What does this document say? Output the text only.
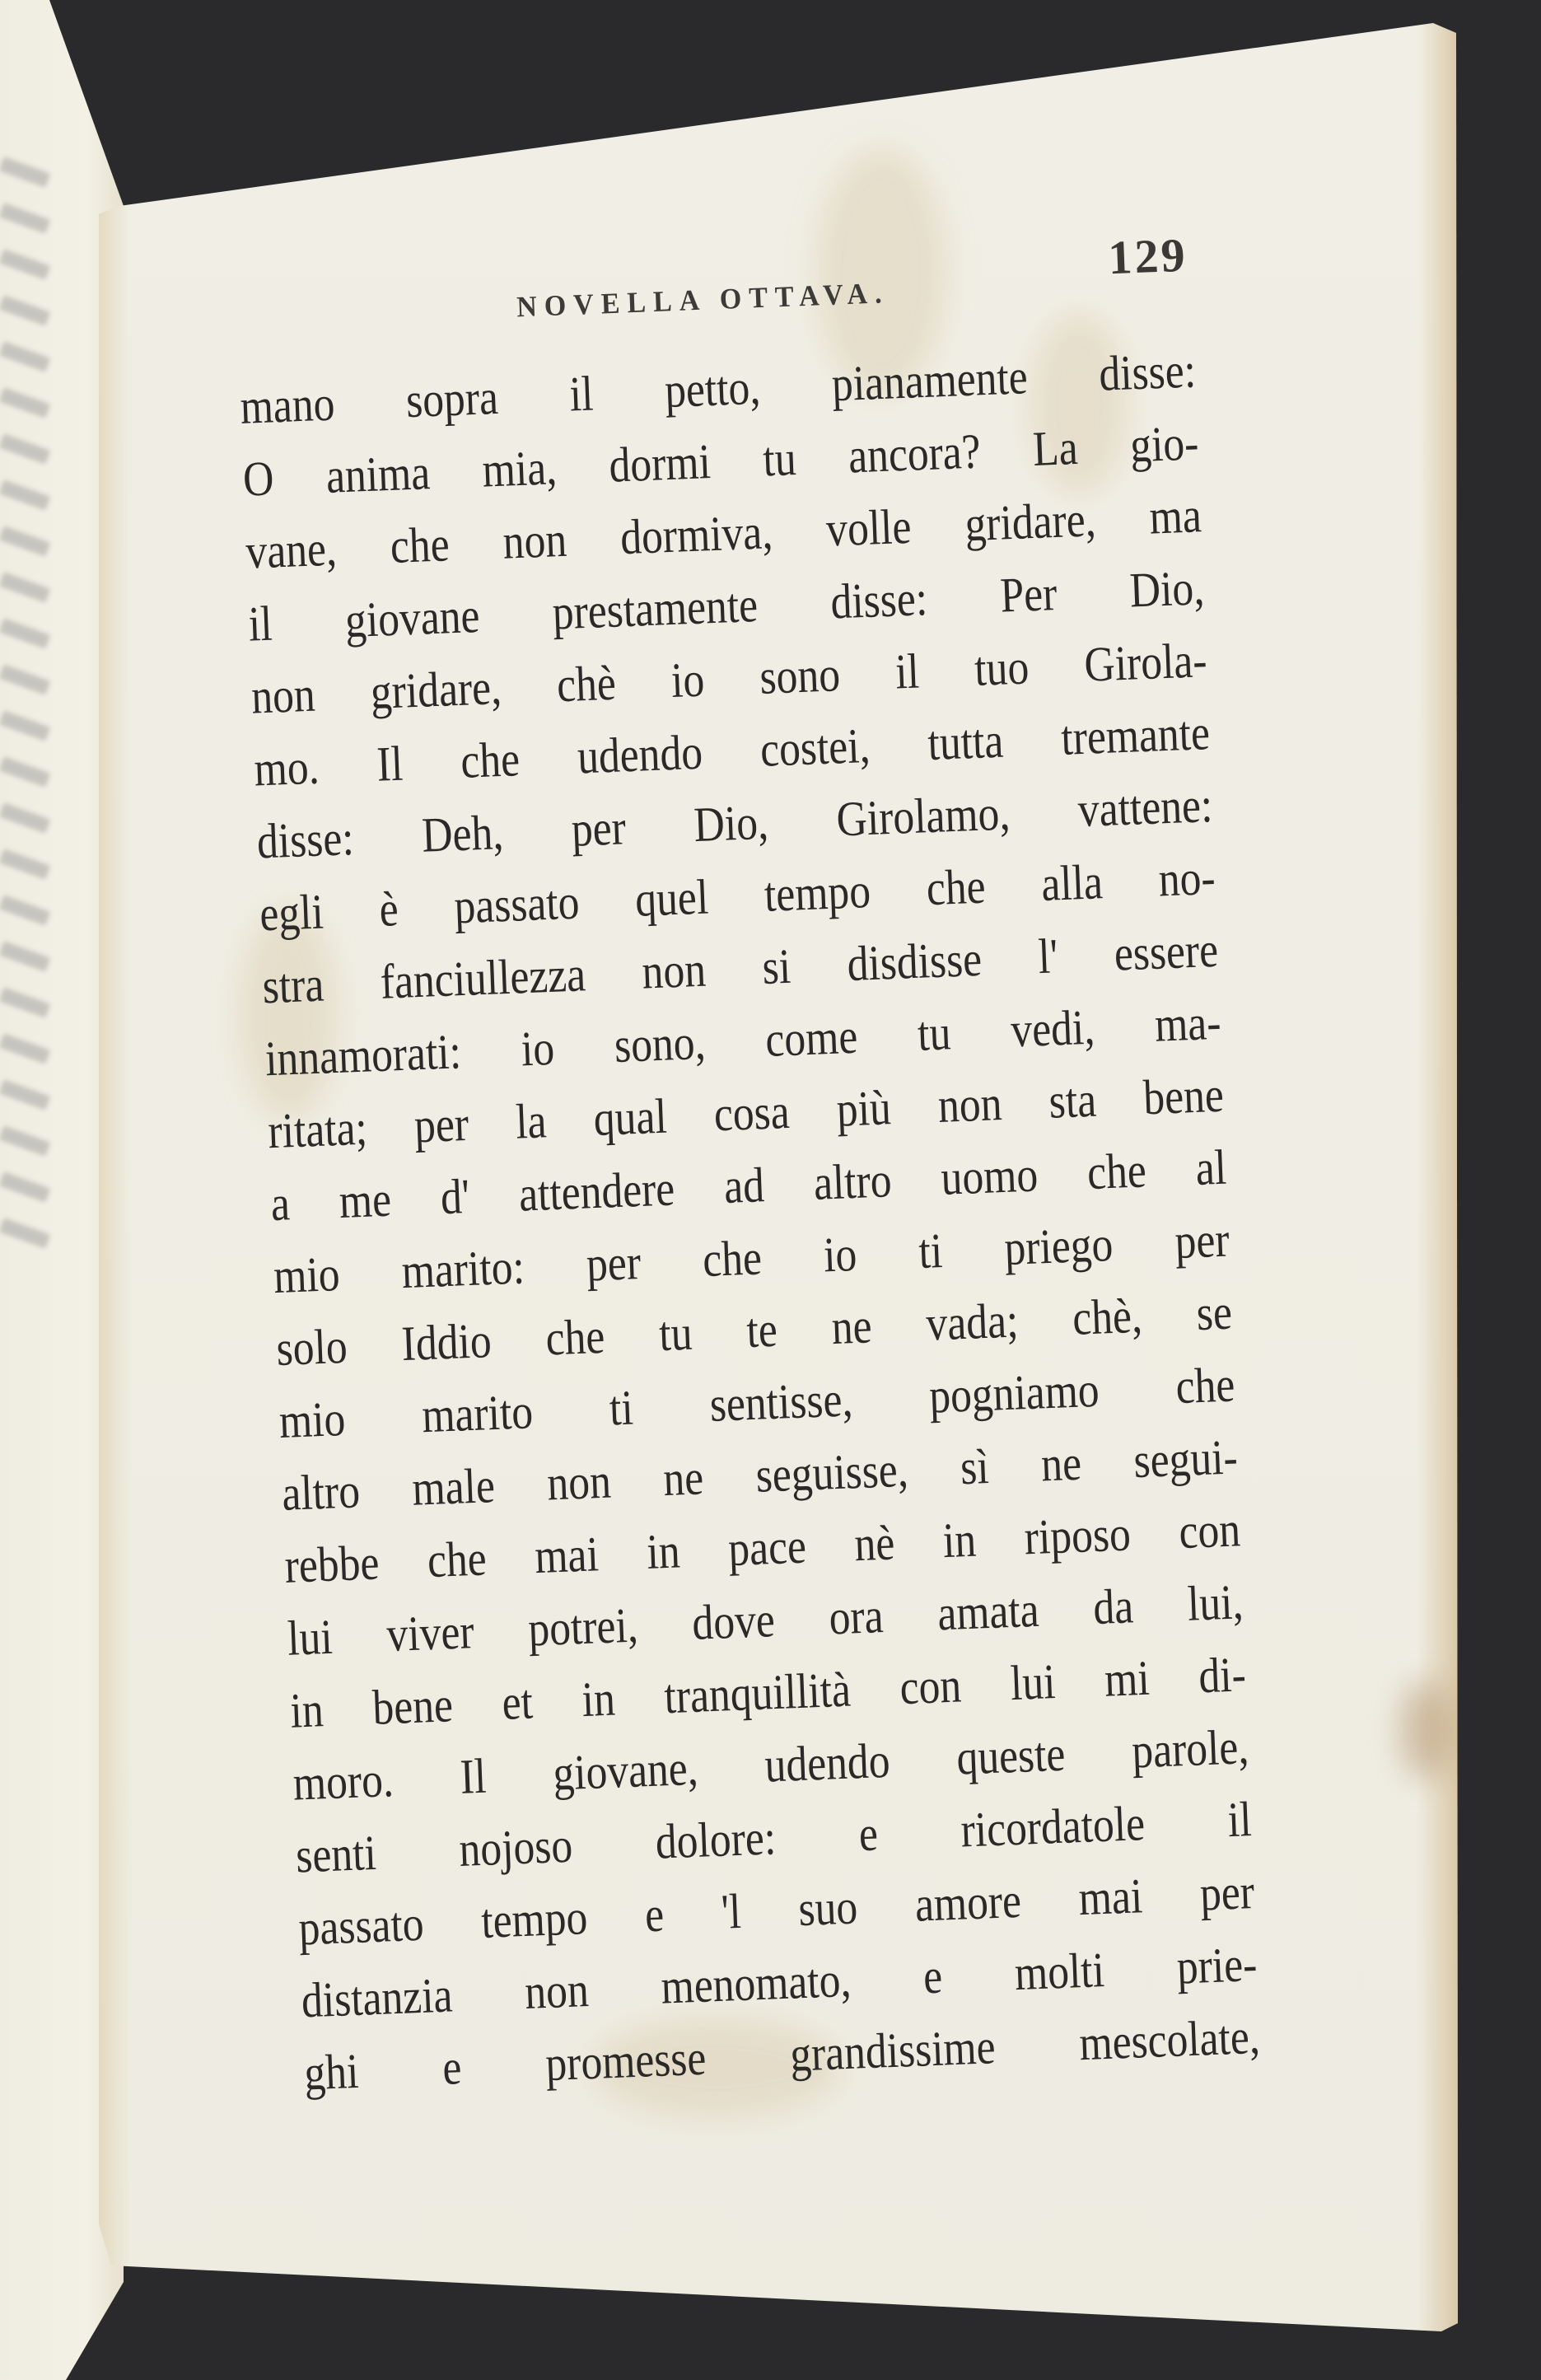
NOVELLA OTTAVA.
129
mano sopra il petto, pianamente disse:
O anima mia, dormi tu ancora? La gio-
vane, che non dormiva, volle gridare, ma
il giovane prestamente disse: Per Dio,
non gridare, chè io sono il tuo Girola-
mo. Il che udendo costei, tutta tremante
disse: Deh, per Dio, Girolamo, vattene:
egli è passato quel tempo che alla no-
stra fanciullezza non si disdisse l' essere
innamorati: io sono, come tu vedi, ma-
ritata; per la qual cosa più non sta bene
a me d' attendere ad altro uomo che al
mio marito: per che io ti priego per
solo Iddio che tu te ne vada; chè, se
mio marito ti sentisse, pogniamo che
altro male non ne seguisse, sì ne segui-
rebbe che mai in pace nè in riposo con
lui viver potrei, dove ora amata da lui,
in bene et in tranquillità con lui mi di-
moro. Il giovane, udendo queste parole,
senti nojoso dolore: e ricordatole il
passato tempo e 'l suo amore mai per
distanzia non menomato, e molti prie-
ghi e promesse grandissime mescolate,
